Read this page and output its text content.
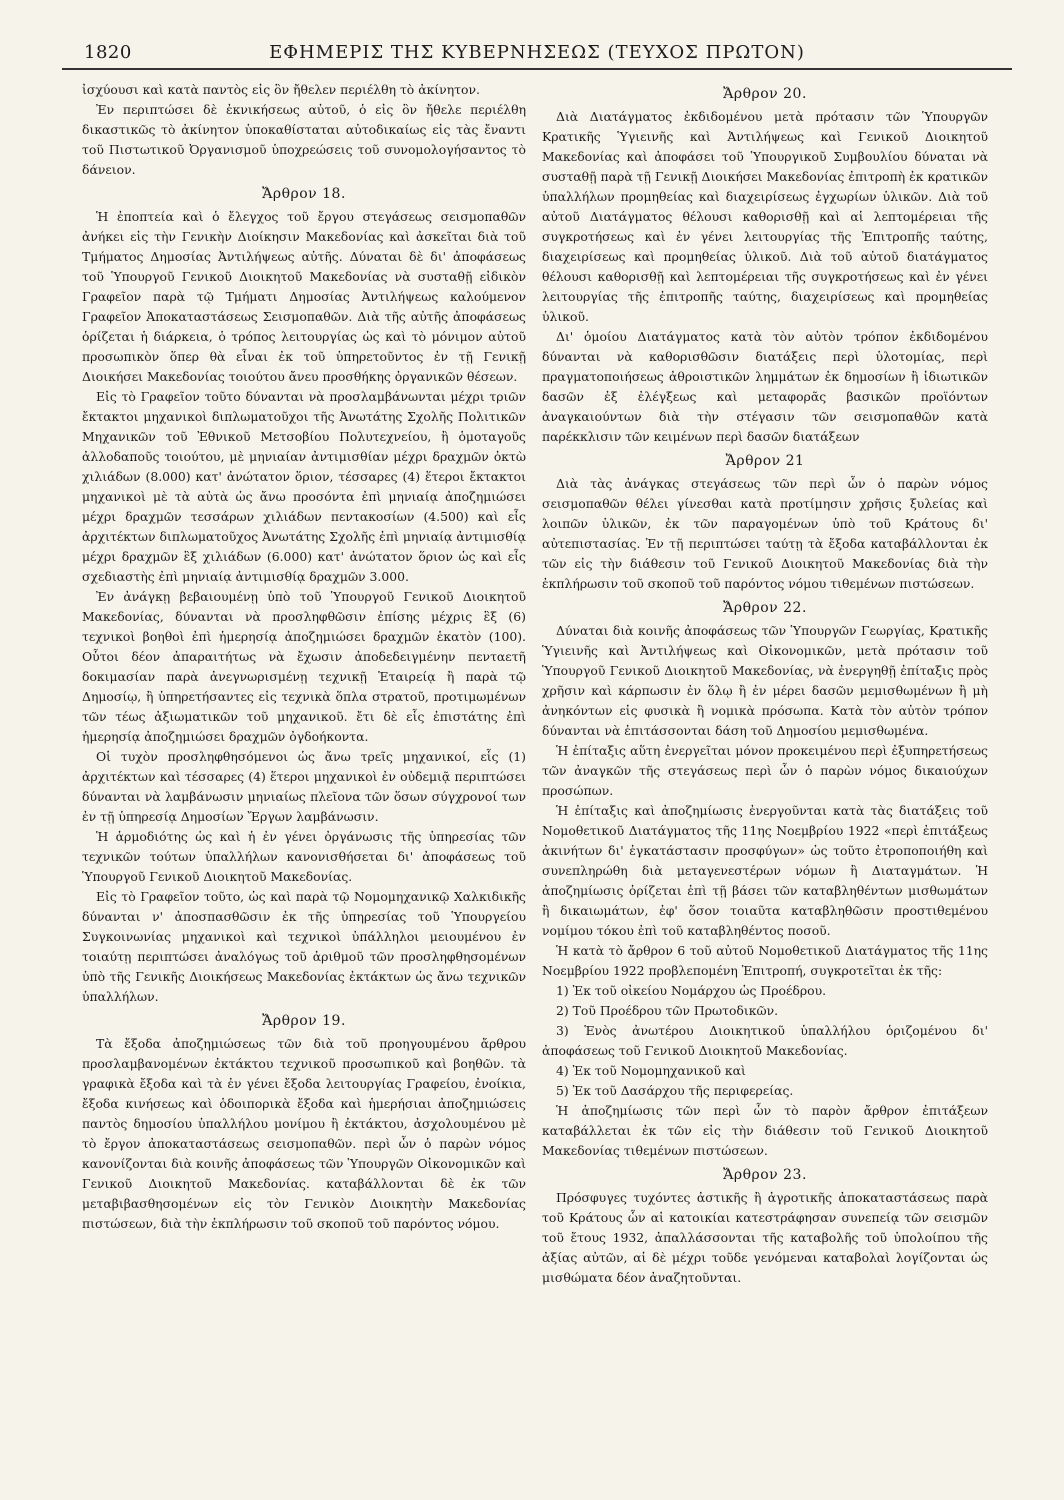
1820	ΕΦΗΜΕΡΙΣ ΤΗΣ ΚΥΒΕΡΝΗΣΕΩΣ (ΤΕΥΧΟΣ ΠΡΩΤΟΝ)

ἰσχύουσι καὶ κατὰ παντὸς εἰς ὃν ἤθελεν περιέλθη τὸ ἀκίνητον.

Ἐν περιπτώσει δὲ ἐκνικήσεως αὐτοῦ, ὁ εἰς ὃν ἤθελε περιέλθη δικαστικῶς τὸ ἀκίνητον ὑποκαθίσταται αὐτοδικαίως εἰς τὰς ἔναντι τοῦ Πιστωτικοῦ Ὀργανισμοῦ ὑποχρεώσεις τοῦ συνομολογήσαντος τὸ δάνειον.

Ἄρθρον 18.

Ἡ ἐποπτεία καὶ ὁ ἔλεγχος τοῦ ἔργου στεγάσεως σεισμοπαθῶν ἀνήκει εἰς τὴν Γενικὴν Διοίκησιν Μακεδονίας καὶ ἀσκεῖται διὰ τοῦ Τμήματος Δημοσίας Ἀντιλήψεως αὐτῆς. Δύναται δὲ δι' ἀποφάσεως τοῦ Ὑπουργοῦ Γενικοῦ Διοικητοῦ Μακεδονίας νὰ συσταθῇ εἰδικὸν Γραφεῖον παρὰ τῷ Τμήματι Δημοσίας Ἀντιλήψεως καλούμενον Γραφεῖον Ἀποκαταστάσεως Σεισμοπαθῶν. Διὰ τῆς αὐτῆς ἀποφάσεως ὁρίζεται ἡ διάρκεια, ὁ τρόπος λειτουργίας ὡς καὶ τὸ μόνιμον αὐτοῦ προσωπικὸν ὅπερ θὰ εἶναι ἐκ τοῦ ὑπηρετοῦντος ἐν τῇ Γενικῇ Διοικήσει Μακεδονίας τοιούτου ἄνευ προσθήκης ὀργανικῶν θέσεων.

Εἰς τὸ Γραφεῖον τοῦτο δύνανται νὰ προσλαμβάνωνται μέχρι τριῶν ἔκτακτοι μηχανικοὶ διπλωματοῦχοι τῆς Ἀνωτάτης Σχολῆς Πολιτικῶν Μηχανικῶν τοῦ Ἐθνικοῦ Μετσοβίου Πολυτεχνείου, ἢ ὁμοταγοῦς ἀλλοδαποῦς τοιούτου, μὲ μηνιαίαν ἀντιμισθίαν μέχρι δραχμῶν ὀκτὼ χιλιάδων (8.000) κατ' ἀνώτατον ὅριον, τέσσαρες (4) ἕτεροι ἔκτακτοι μηχανικοὶ μὲ τὰ αὐτὰ ὡς ἄνω προσόντα ἐπὶ μηνιαίᾳ ἀποζημιώσει μέχρι δραχμῶν τεσσάρων χιλιάδων πεντακοσίων (4.500) καὶ εἷς ἀρχιτέκτων διπλωματοῦχος Ἀνωτάτης Σχολῆς ἐπὶ μηνιαίᾳ ἀντιμισθίᾳ μέχρι δραχμῶν ἓξ χιλιάδων (6.000) κατ' ἀνώτατον ὅριον ὡς καὶ εἷς σχεδιαστὴς ἐπὶ μηνιαίᾳ ἀντιμισθίᾳ δραχμῶν 3.000.

Ἐν ἀνάγκῃ βεβαιουμένῃ ὑπὸ τοῦ Ὑπουργοῦ Γενικοῦ Διοικητοῦ Μακεδονίας, δύνανται νὰ προσληφθῶσιν ἐπίσης μέχρις ἓξ (6) τεχνικοὶ βοηθοὶ ἐπὶ ἡμερησίᾳ ἀποζημιώσει δραχμῶν ἑκατὸν (100). Οὗτοι δέον ἀπαραιτήτως νὰ ἔχωσιν ἀποδεδειγμένην πενταετῆ δοκιμασίαν παρὰ ἀνεγνωρισμένῃ τεχνικῇ Ἑταιρείᾳ ἢ παρὰ τῷ Δημοσίῳ, ἢ ὑπηρετήσαντες εἰς τεχνικὰ ὅπλα στρατοῦ, προτιμωμένων τῶν τέως ἀξιωματικῶν τοῦ μηχανικοῦ. ἔτι δὲ εἷς ἐπιστάτης ἐπὶ ἡμερησίᾳ ἀποζημιώσει δραχμῶν ὀγδοήκοντα.

Οἱ τυχὸν προσληφθησόμενοι ὡς ἄνω τρεῖς μηχανικοί, εἷς (1) ἀρχιτέκτων καὶ τέσσαρες (4) ἕτεροι μηχανικοὶ ἐν οὐδεμιᾷ περιπτώσει δύνανται νὰ λαμβάνωσιν μηνιαίως πλεῖονα τῶν ὅσων σύγχρονοί των ἐν τῇ ὑπηρεσίᾳ Δημοσίων Ἔργων λαμβάνωσιν.

Ἡ ἁρμοδιότης ὡς καὶ ἡ ἐν γένει ὀργάνωσις τῆς ὑπηρεσίας τῶν τεχνικῶν τούτων ὑπαλλήλων κανονισθήσεται δι' ἀποφάσεως τοῦ Ὑπουργοῦ Γενικοῦ Διοικητοῦ Μακεδονίας.

Εἰς τὸ Γραφεῖον τοῦτο, ὡς καὶ παρὰ τῷ Νομομηχανικῷ Χαλκιδικῆς δύνανται ν' ἀποσπασθῶσιν ἐκ τῆς ὑπηρεσίας τοῦ Ὑπουργείου Συγκοινωνίας μηχανικοὶ καὶ τεχνικοὶ ὑπάλληλοι μειουμένου ἐν τοιαύτῃ περιπτώσει ἀναλόγως τοῦ ἀριθμοῦ τῶν προσληφθησομένων ὑπὸ τῆς Γενικῆς Διοικήσεως Μακεδονίας ἐκτάκτων ὡς ἄνω τεχνικῶν ὑπαλλήλων.

Ἄρθρον 19.

Τὰ ἔξοδα ἀποζημιώσεως τῶν διὰ τοῦ προηγουμένου ἄρθρου προσλαμβανομένων ἐκτάκτου τεχνικοῦ προσωπικοῦ καὶ βοηθῶν. τὰ γραφικὰ ἔξοδα καὶ τὰ ἐν γένει ἔξοδα λειτουργίας Γραφείου, ἐνοίκια, ἔξοδα κινήσεως καὶ ὁδοιπορικὰ ἔξοδα καὶ ἡμερήσιαι ἀποζημιώσεις παντὸς δημοσίου ὑπαλλήλου μονίμου ἢ ἐκτάκτου, ἀσχολουμένου μὲ τὸ ἔργον ἀποκαταστάσεως σεισμοπαθῶν. περὶ ὧν ὁ παρὼν νόμος κανονίζονται διὰ κοινῆς ἀποφάσεως τῶν Ὑπουργῶν Οἰκονομικῶν καὶ Γενικοῦ Διοικητοῦ Μακεδονίας. καταβάλλονται δὲ ἐκ τῶν μεταβιβασθησομένων εἰς τὸν Γενικὸν Διοικητὴν Μακεδονίας πιστώσεων, διὰ τὴν ἐκπλήρωσιν τοῦ σκοποῦ τοῦ παρόντος νόμου.

Ἄρθρον 20.

Διὰ Διατάγματος ἐκδιδομένου μετὰ πρότασιν τῶν Ὑπουργῶν Κρατικῆς Ὑγιεινῆς καὶ Ἀντιλήψεως καὶ Γενικοῦ Διοικητοῦ Μακεδονίας καὶ ἀποφάσει τοῦ Ὑπουργικοῦ Συμβουλίου δύναται νὰ συσταθῇ παρὰ τῇ Γενικῇ Διοικήσει Μακεδονίας ἐπιτροπὴ ἐκ κρατικῶν ὑπαλλήλων προμηθείας καὶ διαχειρίσεως ἐγχωρίων ὑλικῶν. Διὰ τοῦ αὐτοῦ Διατάγματος θέλουσι καθορισθῇ καὶ αἱ λεπτομέρειαι τῆς συγκροτήσεως καὶ ἐν γένει λειτουργίας τῆς Ἐπιτροπῆς ταύτης, διαχειρίσεως καὶ προμηθείας ὑλικοῦ. Διὰ τοῦ αὐτοῦ διατάγματος θέλουσι καθορισθῇ καὶ λεπτομέρειαι τῆς συγκροτήσεως καὶ ἐν γένει λειτουργίας τῆς ἐπιτροπῆς ταύτης, διαχειρίσεως καὶ προμηθείας ὑλικοῦ.

Δι' ὁμοίου Διατάγματος κατὰ τὸν αὐτὸν τρόπον ἐκδιδομένου δύνανται νὰ καθορισθῶσιν διατάξεις περὶ ὑλοτομίας, περὶ πραγματοποιήσεως ἀθροιστικῶν λημμάτων ἐκ δημοσίων ἢ ἰδιωτικῶν δασῶν ἐξ ἐλέγξεως καὶ μεταφορᾶς βασικῶν προϊόντων ἀναγκαιούντων διὰ τὴν στέγασιν τῶν σεισμοπαθῶν κατὰ παρέκκλισιν τῶν κειμένων περὶ δασῶν διατάξεων

Ἄρθρον 21

Διὰ τὰς ἀνάγκας στεγάσεως τῶν περὶ ὧν ὁ παρὼν νόμος σεισμοπαθῶν θέλει γίνεσθαι κατὰ προτίμησιν χρῆσις ξυλείας καὶ λοιπῶν ὑλικῶν, ἐκ τῶν παραγομένων ὑπὸ τοῦ Κράτους δι' αὐτεπιστασίας. Ἐν τῇ περιπτώσει ταύτῃ τὰ ἔξοδα καταβάλλονται ἐκ τῶν εἰς τὴν διάθεσιν τοῦ Γενικοῦ Διοικητοῦ Μακεδονίας διὰ τὴν ἐκπλήρωσιν τοῦ σκοποῦ τοῦ παρόντος νόμου τιθεμένων πιστώσεων.

Ἄρθρον 22.

Δύναται διὰ κοινῆς ἀποφάσεως τῶν Ὑπουργῶν Γεωργίας, Κρατικῆς Ὑγιεινῆς καὶ Ἀντιλήψεως καὶ Οἰκονομικῶν, μετὰ πρότασιν τοῦ Ὑπουργοῦ Γενικοῦ Διοικητοῦ Μακεδονίας, νὰ ἐνεργηθῇ ἐπίταξις πρὸς χρῆσιν καὶ κάρπωσιν ἐν ὅλῳ ἢ ἐν μέρει δασῶν μεμισθωμένων ἢ μὴ ἀνηκόντων εἰς φυσικὰ ἢ νομικὰ πρόσωπα. Κατὰ τὸν αὐτὸν τρόπον δύνανται νὰ ἐπιτάσσονται δάση τοῦ Δημοσίου μεμισθωμένα.

Ἡ ἐπίταξις αὕτη ἐνεργεῖται μόνον προκειμένου περὶ ἐξυπηρετήσεως τῶν ἀναγκῶν τῆς στεγάσεως περὶ ὧν ὁ παρὼν νόμος δικαιούχων προσώπων.

Ἡ ἐπίταξις καὶ ἀποζημίωσις ἐνεργοῦνται κατὰ τὰς διατάξεις τοῦ Νομοθετικοῦ Διατάγματος τῆς 11ης Νοεμβρίου 1922 «περὶ ἐπιτάξεως ἀκινήτων δι' ἐγκατάστασιν προσφύγων» ὡς τοῦτο ἐτροποποιήθη καὶ συνεπληρώθη διὰ μεταγενεστέρων νόμων ἢ Διαταγμάτων. Ἡ ἀποζημίωσις ὁρίζεται ἐπὶ τῇ βάσει τῶν καταβληθέντων μισθωμάτων ἢ δικαιωμάτων, ἐφ' ὅσον τοιαῦτα καταβληθῶσιν προστιθεμένου νομίμου τόκου ἐπὶ τοῦ καταβληθέντος ποσοῦ.

Ἡ κατὰ τὸ ἄρθρον 6 τοῦ αὐτοῦ Νομοθετικοῦ Διατάγματος τῆς 11ης Νοεμβρίου 1922 προβλεπομένη Ἐπιτροπή, συγκροτεῖται ἐκ τῆς:

1) Ἐκ τοῦ οἰκείου Νομάρχου ὡς Προέδρου.

2) Τοῦ Προέδρου τῶν Πρωτοδικῶν.

3) Ἑνὸς ἀνωτέρου Διοικητικοῦ ὑπαλλήλου ὁριζομένου δι' ἀποφάσεως τοῦ Γενικοῦ Διοικητοῦ Μακεδονίας.

4) Ἐκ τοῦ Νομομηχανικοῦ καὶ

5) Ἐκ τοῦ Δασάρχου τῆς περιφερείας.

Ἡ ἀποζημίωσις τῶν περὶ ὧν τὸ παρὸν ἄρθρον ἐπιτάξεων καταβάλλεται ἐκ τῶν εἰς τὴν διάθεσιν τοῦ Γενικοῦ Διοικητοῦ Μακεδονίας τιθεμένων πιστώσεων.

Ἄρθρον 23.

Πρόσφυγες τυχόντες ἀστικῆς ἢ ἀγροτικῆς ἀποκαταστάσεως παρὰ τοῦ Κράτους ὧν αἱ κατοικίαι κατεστράφησαν συνεπείᾳ τῶν σεισμῶν τοῦ ἔτους 1932, ἀπαλλάσσονται τῆς καταβολῆς τοῦ ὑπολοίπου τῆς ἀξίας αὐτῶν, αἱ δὲ μέχρι τοῦδε γενόμεναι καταβολαὶ λογίζονται ὡς μισθώματα δέον ἀναζητοῦνται.
